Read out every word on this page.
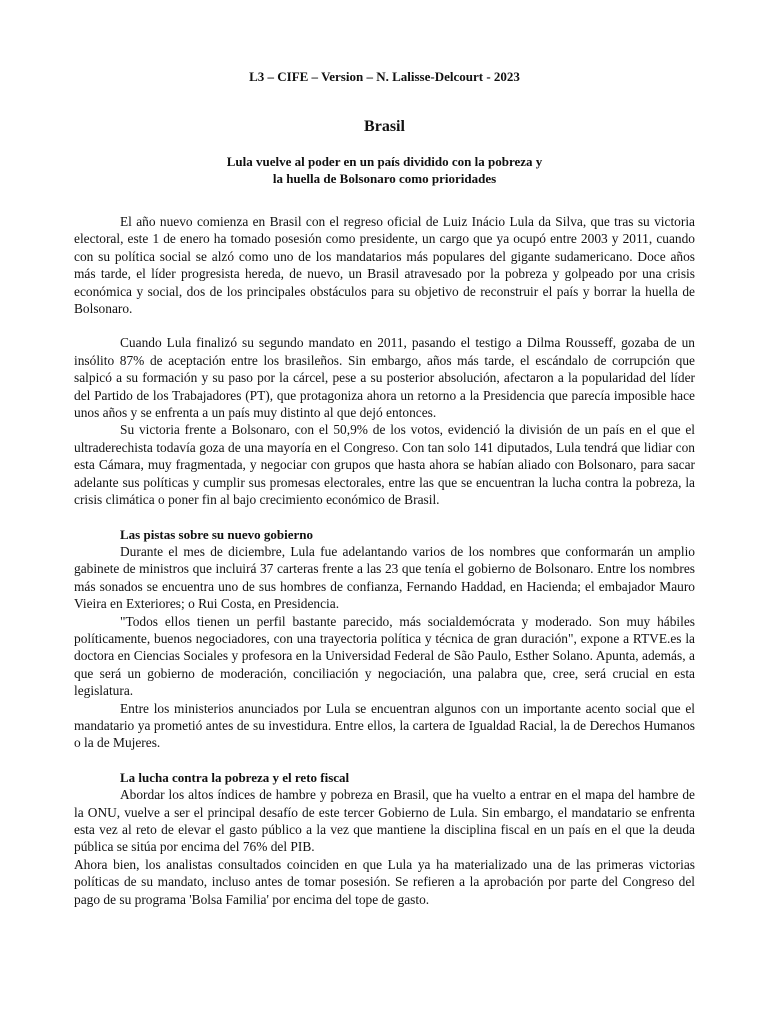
L3 – CIFE – Version – N. Lalisse-Delcourt - 2023

Brasil
Lula vuelve al poder en un país dividido con la pobreza y
la huella de Bolsonaro como prioridades

El año nuevo comienza en Brasil con el regreso oficial de Luiz Inácio Lula da Silva, que tras su victoria electoral, este 1 de enero ha tomado posesión como presidente, un cargo que ya ocupó entre 2003 y 2011, cuando con su política social se alzó como uno de los mandatarios más populares del gigante sudamericano. Doce años más tarde, el líder progresista hereda, de nuevo, un Brasil atravesado por la pobreza y golpeado por una crisis económica y social, dos de los principales obstáculos para su objetivo de reconstruir el país y borrar la huella de Bolsonaro.

Cuando Lula finalizó su segundo mandato en 2011, pasando el testigo a Dilma Rousseff, gozaba de un insólito 87% de aceptación entre los brasileños. Sin embargo, años más tarde, el escándalo de corrupción que salpicó a su formación y su paso por la cárcel, pese a su posterior absolución, afectaron a la popularidad del líder del Partido de los Trabajadores (PT), que protagoniza ahora un retorno a la Presidencia que parecía imposible hace unos años y se enfrenta a un país muy distinto al que dejó entonces.

Su victoria frente a Bolsonaro, con el 50,9% de los votos, evidenció la división de un país en el que el ultraderechista todavía goza de una mayoría en el Congreso. Con tan solo 141 diputados, Lula tendrá que lidiar con esta Cámara, muy fragmentada, y negociar con grupos que hasta ahora se habían aliado con Bolsonaro, para sacar adelante sus políticas y cumplir sus promesas electorales, entre las que se encuentran la lucha contra la pobreza, la crisis climática o poner fin al bajo crecimiento económico de Brasil.

Las pistas sobre su nuevo gobierno

Durante el mes de diciembre, Lula fue adelantando varios de los nombres que conformarán un amplio gabinete de ministros que incluirá 37 carteras frente a las 23 que tenía el gobierno de Bolsonaro. Entre los nombres más sonados se encuentra uno de sus hombres de confianza, Fernando Haddad, en Hacienda; el embajador Mauro Vieira en Exteriores; o Rui Costa, en Presidencia.

"Todos ellos tienen un perfil bastante parecido, más socialdemócrata y moderado. Son muy hábiles políticamente, buenos negociadores, con una trayectoria política y técnica de gran duración", expone a RTVE.es la doctora en Ciencias Sociales y profesora en la Universidad Federal de São Paulo, Esther Solano. Apunta, además, a que será un gobierno de moderación, conciliación y negociación, una palabra que, cree, será crucial en esta legislatura.

Entre los ministerios anunciados por Lula se encuentran algunos con un importante acento social que el mandatario ya prometió antes de su investidura. Entre ellos, la cartera de Igualdad Racial, la de Derechos Humanos o la de Mujeres.

La lucha contra la pobreza y el reto fiscal

Abordar los altos índices de hambre y pobreza en Brasil, que ha vuelto a entrar en el mapa del hambre de la ONU, vuelve a ser el principal desafío de este tercer Gobierno de Lula. Sin embargo, el mandatario se enfrenta esta vez al reto de elevar el gasto público a la vez que mantiene la disciplina fiscal en un país en el que la deuda pública se sitúa por encima del 76% del PIB.

Ahora bien, los analistas consultados coinciden en que Lula ya ha materializado una de las primeras victorias políticas de su mandato, incluso antes de tomar posesión. Se refieren a la aprobación por parte del Congreso del pago de su programa 'Bolsa Familia' por encima del tope de gasto.
